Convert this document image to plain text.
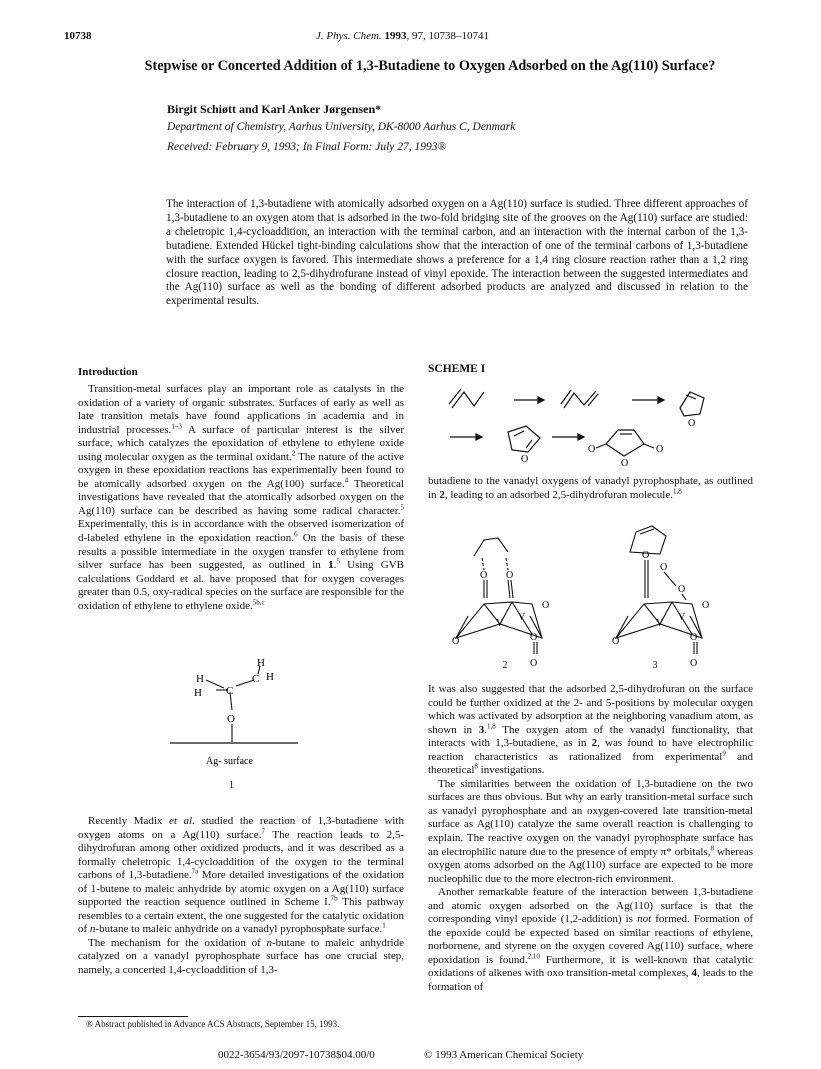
10738	J. Phys. Chem. 1993, 97, 10738–10741
Stepwise or Concerted Addition of 1,3-Butadiene to Oxygen Adsorbed on the Ag(110) Surface?
Birgit Schiøtt and Karl Anker Jørgensen*
Department of Chemistry, Aarhus University, DK-8000 Aarhus C, Denmark
Received: February 9, 1993; In Final Form: July 27, 1993®
The interaction of 1,3-butadiene with atomically adsorbed oxygen on a Ag(110) surface is studied. Three different approaches of 1,3-butadiene to an oxygen atom that is adsorbed in the two-fold bridging site of the grooves on the Ag(110) surface are studied: a cheletropic 1,4-cycloaddition, an interaction with the terminal carbon, and an interaction with the internal carbon of the 1,3-butadiene. Extended Hückel tight-binding calculations show that the interaction of one of the terminal carbons of 1,3-butadiene with the surface oxygen is favored. This intermediate shows a preference for a 1,4 ring closure reaction rather than a 1,2 ring closure reaction, leading to 2,5-dihydrofurane instead of vinyl epoxide. The interaction between the suggested intermediates and the Ag(110) surface as well as the bonding of different adsorbed products are analyzed and discussed in relation to the experimental results.
Introduction

Transition-metal surfaces play an important role as catalysts in the oxidation of a variety of organic substrates. Surfaces of early as well as late transition metals have found applications in academia and in industrial processes.$^{1-3}$ A surface of particular interest is the silver surface, which catalyzes the epoxidation of ethylene to ethylene oxide using molecular oxygen as the terminal oxidant.$^2$ The nature of the active oxygen in these epoxidation reactions has experimentally been found to be atomically adsorbed oxygen on the Ag(100) surface.$^4$ Theoretical investigations have revealed that the atomically adsorbed oxygen on the Ag(110) surface can be described as having some radical character.$^5$ Experimentally, this is in accordance with the observed isomerization of d-labeled ethylene in the epoxidation reaction.$^6$ On the basis of these results a possible intermediate in the oxygen transfer to ethylene from silver surface has been suggested, as outlined in 1.$^5$ Using GVB calculations Goddard et al. have proposed that for oxygen coverages greater than 0.5, oxy-radical species on the surface are responsible for the oxidation of ethylene to ethylene oxide.$^{5b,c}$

H
H C
C
H
H
O
Ag- surface
1

Recently Madix et al. studied the reaction of 1,3-butadiene with oxygen atoms on a Ag(110) surface.$^7$ The reaction leads to 2,5-dihydrofuran among other oxidized products, and it was described as a formally cheletropic 1,4-cycloaddition of the oxygen to the terminal carbons of 1,3-butadiene.$^{7a}$ More detailed investigations of the oxidation of 1-butene to maleic anhydride by atomic oxygen on a Ag(110) surface supported the reaction sequence outlined in Scheme I.$^{7b}$ This pathway resembles to a certain extent, the one suggested for the catalytic oxidation of n-butane to maleic anhydride on a vanadyl pyrophosphate surface.$^1$

The mechanism for the oxidation of n-butane to maleic anhydride catalyzed on a vanadyl pyrophosphate surface has one crucial step, namely, a concerted 1,4-cycloaddition of 1,3-

® Abstract published in Advance ACS Abstracts, September 15, 1993.
SCHEME I
O
O
O
O
O

butadiene to the vanadyl oxygens of vanadyl pyrophosphate, as outlined in 2, leading to an adsorbed 2,5-dihydrofuran molecule.$^{1,8}$

O O
O
V
V
O
O
O
O
O
O
O
V
V
O
O
O
2	3

It was also suggested that the adsorbed 2,5-dihydrofuran on the surface could be further oxidized at the 2- and 5-positions by molecular oxygen which was activated by adsorption at the neighboring vanadium atom, as shown in 3.$^{1,8}$ The oxygen atom of the vanadyl functionality, that interacts with 1,3-butadiene, as in 2, was found to have electrophilic reaction characteristics as rationalized from experimental$^9$ and theoretical$^8$ investigations.

The similarities between the oxidation of 1,3-butadiene on the two surfaces are thus obvious. But why an early transition-metal surface such as vanadyl pyrophosphate and an oxygen-covered late transition-metal surface as Ag(110) catalyze the same overall reaction is challenging to explain. The reactive oxygen on the vanadyl pyrophosphate surface has an electrophilic nature due to the presence of empty π* orbitals,$^8$ whereas oxygen atoms adsorbed on the Ag(110) surface are expected to be more nucleophilic due to the more electron-rich environment.

Another remarkable feature of the interaction between 1,3-butadiene and atomic oxygen adsorbed on the Ag(110) surface is that the corresponding vinyl epoxide (1,2-addition) is not formed. Formation of the epoxide could be expected based on similar reactions of ethylene, norbornene, and styrene on the oxygen covered Ag(110) surface, where epoxidation is found.$^{2,10}$ Furthermore, it is well-known that catalytic oxidations of alkenes with oxo transition-metal complexes, 4, leads to the formation of

0022-3654/93/2097-10738$04.00/0	© 1993 American Chemical Society
